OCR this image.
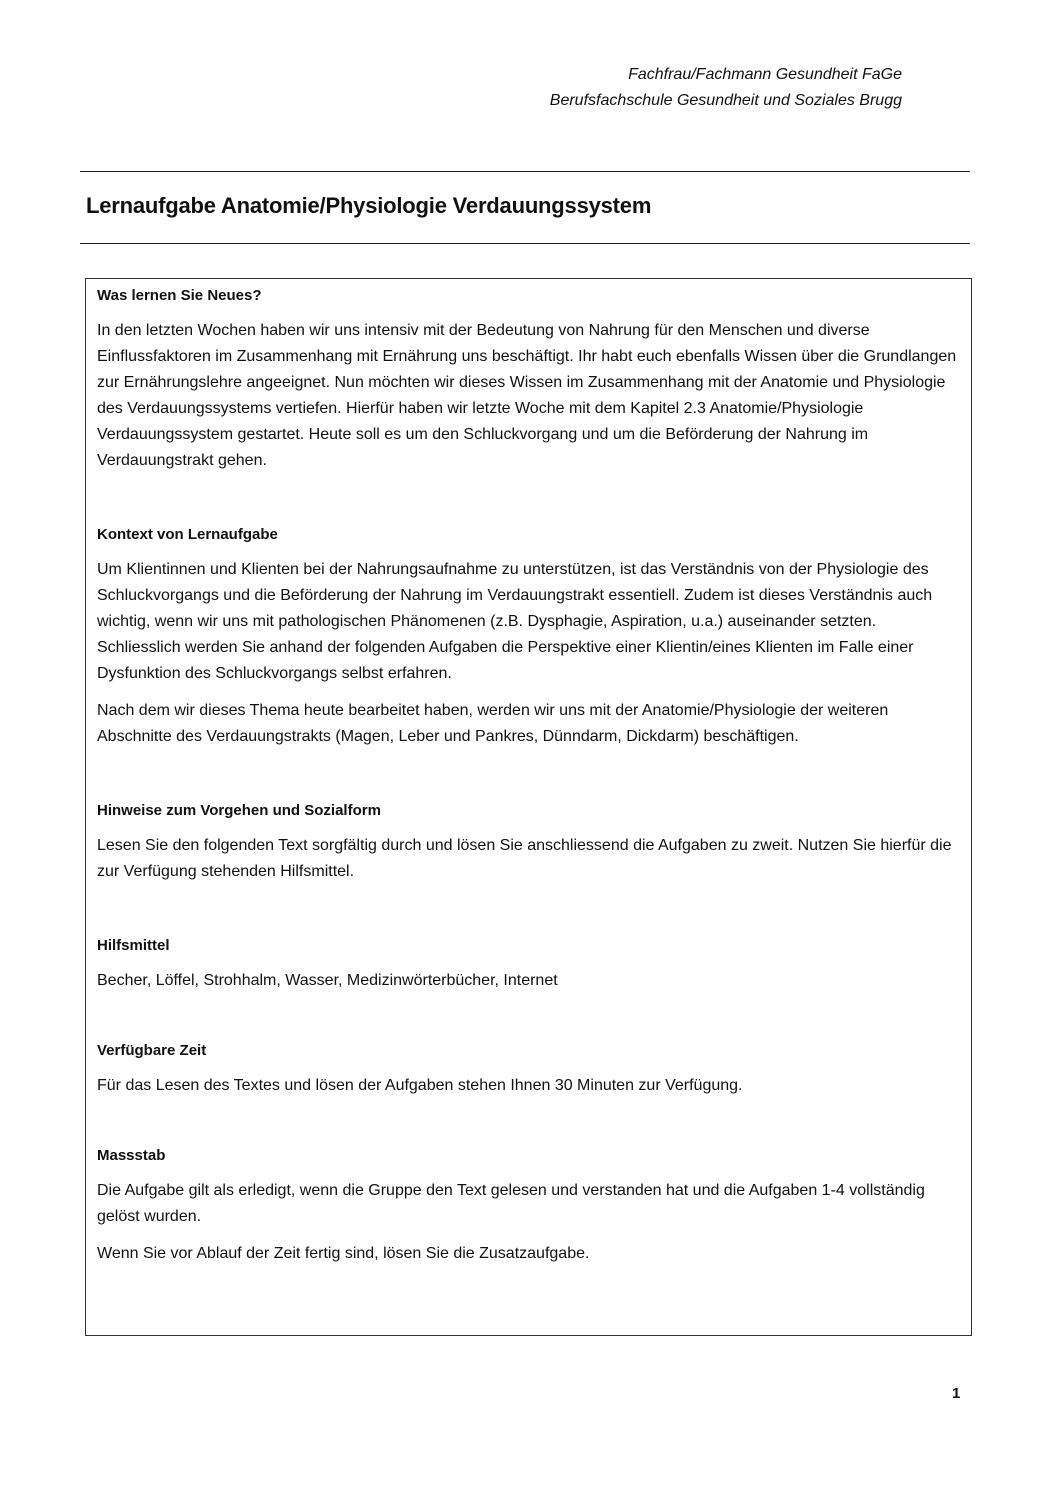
Fachfrau/Fachmann Gesundheit FaGe
Berufsfachschule Gesundheit und Soziales Brugg
Lernaufgabe Anatomie/Physiologie Verdauungssystem
Was lernen Sie Neues?

In den letzten Wochen haben wir uns intensiv mit der Bedeutung von Nahrung für den Menschen und diverse Einflussfaktoren im Zusammenhang mit Ernährung uns beschäftigt. Ihr habt euch ebenfalls Wissen über die Grundlangen zur Ernährungslehre angeeignet. Nun möchten wir dieses Wissen im Zusammenhang mit der Anatomie und Physiologie des Verdauungssystems vertiefen. Hierfür haben wir letzte Woche mit dem Kapitel 2.3 Anatomie/Physiologie Verdauungssystem gestartet. Heute soll es um den Schluckvorgang und um die Beförderung der Nahrung im Verdauungstrakt gehen.

Kontext von Lernaufgabe

Um Klientinnen und Klienten bei der Nahrungsaufnahme zu unterstützen, ist das Verständnis von der Physiologie des Schluckvorgangs und die Beförderung der Nahrung im Verdauungstrakt essentiell. Zudem ist dieses Verständnis auch wichtig, wenn wir uns mit pathologischen Phänomenen (z.B. Dysphagie, Aspiration, u.a.) auseinander setzten. Schliesslich werden Sie anhand der folgenden Aufgaben die Perspektive einer Klientin/eines Klienten im Falle einer Dysfunktion des Schluckvorgangs selbst erfahren.

Nach dem wir dieses Thema heute bearbeitet haben, werden wir uns mit der Anatomie/Physiologie der weiteren Abschnitte des Verdauungstrakts (Magen, Leber und Pankres, Dünndarm, Dickdarm) beschäftigen.

Hinweise zum Vorgehen und Sozialform

Lesen Sie den folgenden Text sorgfältig durch und lösen Sie anschliessend die Aufgaben zu zweit. Nutzen Sie hierfür die zur Verfügung stehenden Hilfsmittel.

Hilfsmittel

Becher, Löffel, Strohhalm, Wasser, Medizinwörterbücher, Internet

Verfügbare Zeit

Für das Lesen des Textes und lösen der Aufgaben stehen Ihnen 30 Minuten zur Verfügung.

Massstab

Die Aufgabe gilt als erledigt, wenn die Gruppe den Text gelesen und verstanden hat und die Aufgaben 1-4 vollständig gelöst wurden.

Wenn Sie vor Ablauf der Zeit fertig sind, lösen Sie die Zusatzaufgabe.

1
